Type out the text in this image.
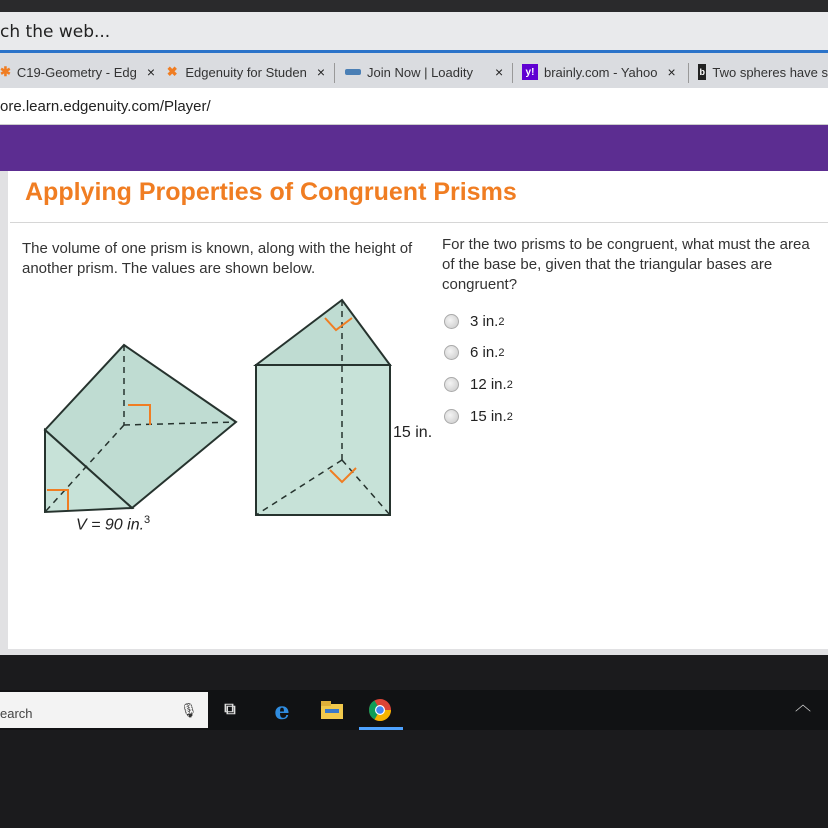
ch the web...
✱ C19-Geometry - Edg × ✖ Edgenuity for Studen ×	Join Now | Loadity ×	y! brainly.com - Yahoo ×	b Two spheres have s
ore.learn.edgenuity.com/Player/
Applying Properties of Congruent Prisms
The volume of one prism is known, along with the height of another prism. The values are shown below.
For the two prisms to be congruent, what must the area
of the base be, given that the triangular bases are
congruent?
V = 90 in.$^3$
15 in.
3 in. 2
6 in. 2
12 in. 2
15 in. 2
earch	🎙	⧉	e	︿
